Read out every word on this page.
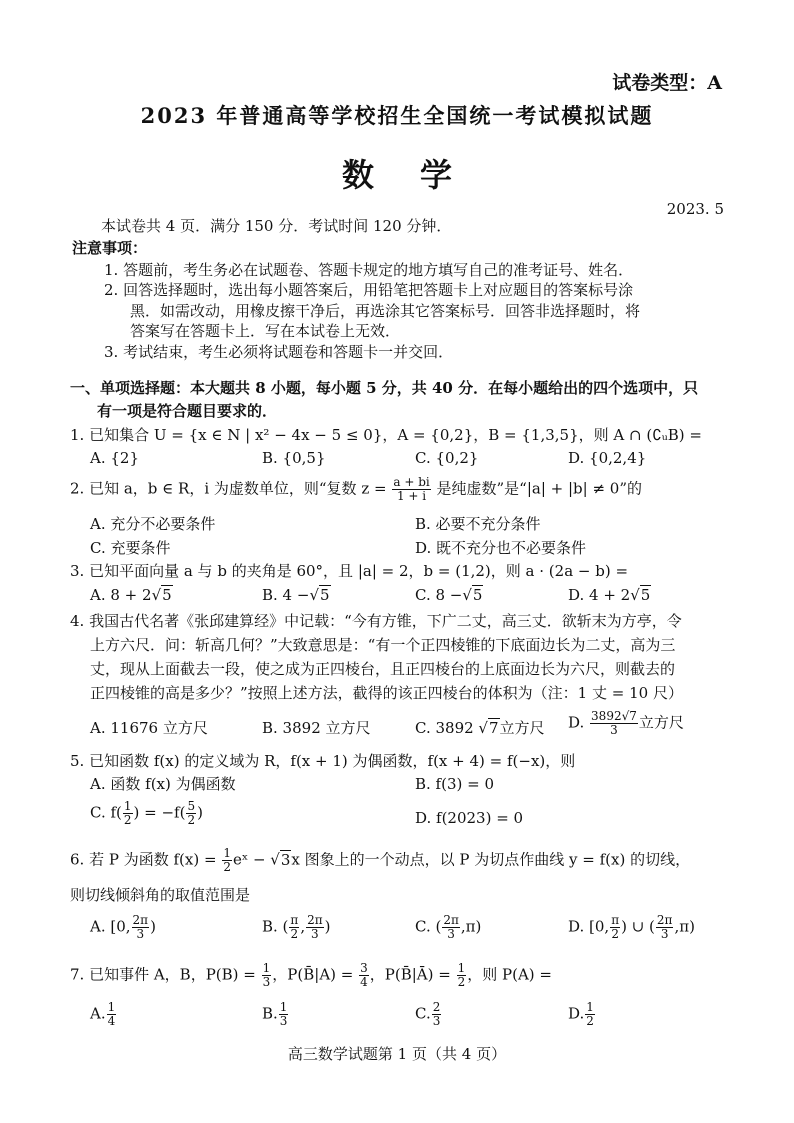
试卷类型：A
2023 年普通高等学校招生全国统一考试模拟试题
数学
2023. 5
本试卷共 4 页．满分 150 分．考试时间 120 分钟．
注意事项：
1. 答题前，考生务必在试题卷、答题卡规定的地方填写自己的准考证号、姓名．
2. 回答选择题时，选出每小题答案后，用铅笔把答题卡上对应题目的答案标号涂
黑．如需改动，用橡皮擦干净后，再选涂其它答案标号．回答非选择题时，将
答案写在答题卡上．写在本试卷上无效．
3. 考试结束，考生必须将试题卷和答题卡一并交回．
一、单项选择题：本大题共 8 小题，每小题 5 分，共 40 分．在每小题给出的四个选项中，只
有一项是符合题目要求的．
1. 已知集合 U = {x ∈ N | x² − 4x − 5 ≤ 0}，A = {0,2}，B = {1,3,5}，则 A ∩ (∁ᵤB) =
A. {2}	B. {0,5}	C. {0,2}	D. {0,2,4}
2. 已知 a，b ∈ R，i 为虚数单位，则“复数 $z = \frac{a + bi}{1 + i}$ 是纯虚数”是“|a| + |b| ≠ 0”的
A. 充分不必要条件	B. 必要不充分条件
C. 充要条件	D. 既不充分也不必要条件
3. 已知平面向量 a 与 b 的夹角是 60°，且 |a| = 2，b = (1,2)，则 a · (2a − b) =
A. 8 + 2√5	B. 4 −√5	C. 8 −√5	D. 4 + 2√5
4. 我国古代名著《张邱建算经》中记载：“今有方锥，下广二丈，高三丈．欲斩末为方亭，令
上方六尺．问：斩高几何？”大致意思是：“有一个正四棱锥的下底面边长为二丈，高为三
丈，现从上面截去一段，使之成为正四棱台，且正四棱台的上底面边长为六尺，则截去的
正四棱锥的高是多少？”按照上述方法，截得的该正四棱台的体积为（注：1 丈 = 10 尺）
A. 11676 立方尺	B. 3892 立方尺	C. 3892 √7立方尺 D. $\frac{3892√7}{3}$ 立方尺
5. 已知函数 f(x) 的定义域为 R，f(x + 1) 为偶函数，f(x + 4) = f(−x)，则
A. 函数 f(x) 为偶函数	B. f(3) = 0
C. $f( \frac{1}{2}$ ) = $-f( \frac{5}{2}$ )	D. f(2023) = 0
6. 若 P 为函数 $f(x) = \frac{1}{2}$ eˣ − √3x 图象上的一个动点，以 P 为切点作曲线 y = f(x) 的切线，
则切线倾斜角的取值范围是
A. [0, $\frac{2\pi}{3}$ )	B. ( $\frac{\pi}{2}$ , $\frac{2\pi}{3}$ )	C. ( $\frac{2\pi}{3} ,\pi$)	D. [0, $\frac{\pi}{2}$ ) ∪ ( $\frac{2\pi}{3} ,\pi$)
7. 已知事件 A，B，$P(B) = \frac{1}{3}$ ，P(B̄|A) = $\frac{3}{4}$ ，P(B̄|Ā) = $\frac{1}{2}$ ，则 P(A) =
A. $\frac{1}{4}$	B. $\frac{1}{3}$	C. $\frac{2}{3}$	D. $\frac{1}{2}$
高三数学试题第 1 页（共 4 页）
